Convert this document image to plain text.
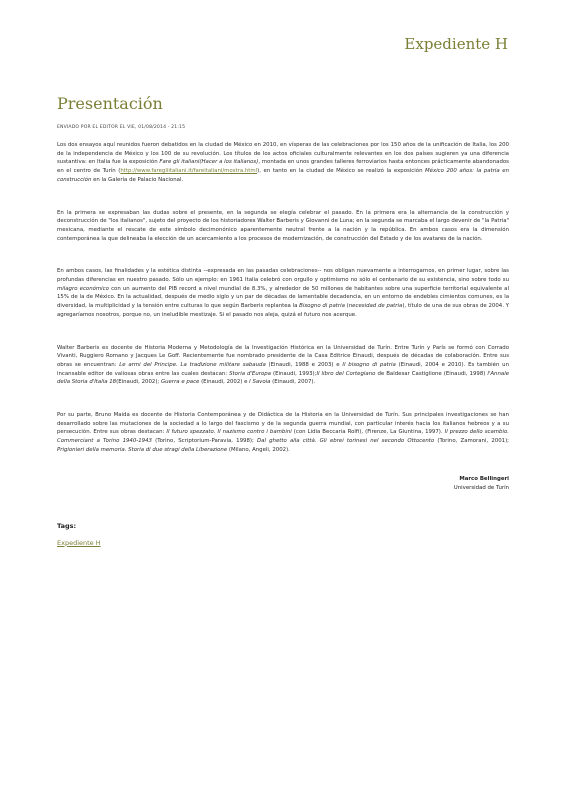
Expediente H
Presentación
ENVIADO POR EL EDITOR EL VIE, 01/08/2014 - 21:15

Los dos ensayos aquí reunidos fueron debatidos en la ciudad de México en 2010, en vísperas de las celebraciones por los 150 años de la unificación de Italia, los 200 de la independencia de México y los 100 de su revolución. Los títulos de los actos oficiales culturalmente relevantes en los dos países sugieren ya una diferencia sustantiva: en Italia fue la exposición Fare gli italiani(Hacer a los italianos), montada en unos grandes talleres ferroviarios hasta entonces prácticamente abandonados en el centro de Turín (http://www.faregliitaliani.it/fareitaliani/mostra.html), en tanto en la ciudad de México se realizó la exposición México 200 años: la patria en construcción en la Galería de Palacio Nacional.

En la primera se expresaban las dudas sobre el presente, en la segunda se elegía celebrar el pasado. En la primera era la alternancia de la construcción y deconstrucción de "los italianos", sujeto del proyecto de los historiadores Walter Barberis y Giovanni de Luna; en la segunda se marcaba el largo devenir de "la Patria" mexicana, mediante el rescate de este símbolo decimonónico aparentemente neutral frente a la nación y la república. En ambos casos era la dimensión contemporánea la que delineaba la elección de un acercamiento a los procesos de modernización, de construcción del Estado y de los avatares de la nación.

En ambos casos, las finalidades y la estética distinta --expresada en las pasadas celebraciones-- nos obligan nuevamente a interrogarnos, en primer lugar, sobre las profundas diferencias en nuestro pasado. Sólo un ejemplo: en 1961 Italia celebró con orgullo y optimismo no sólo el centenario de su existencia, sino sobre todo su milagro económico con un aumento del PIB record a nivel mundial de 8.3%, y alrededor de 50 millones de habitantes sobre una superficie territorial equivalente al 15% de la de México. En la actualidad, después de medio siglo y un par de décadas de lamentable decadencia, en un entorno de endebles cimientos comunes, es la diversidad, la multiplicidad y la tensión entre culturas lo que según Barberis replantea la Bisogno di patria (necesidad de patria), título de una de sus obras de 2004. Y agregaríamos nosotros, porque no, un ineludible mestizaje. Si el pasado nos aleja, quizá el futuro nos acerque.

Walter Barberis es docente de Historia Moderna y Metodología de la Investigación Histórica en la Universidad de Turín. Entre Turín y París se formó con Corrado Vivanti, Ruggiero Romano y Jacques Le Goff. Recientemente fue nombrado presidente de la Casa Editrice Einaudi, después de décadas de colaboración. Entre sus obras se encuentran: Le armi del Principe. La tradizione militare sabauda (Einaudi, 1988 e 2003) e Il bisogno di patria (Einaudi, 2004 e 2010). Es también un incansable editor de valiosas obras entre las cuales destacan: Storia d'Europa (Einaudi, 1993);Il libro del Cortegiano de Baldesar Castiglione (Einaudi, 1998) l'Annale della Storia d'Italia 18(Einaudi, 2002); Guerra e pace (Einaudi, 2002) e I Savoia (Einaudi, 2007).

Por su parte, Bruno Maida es docente de Historia Contemporánea y de Didáctica de la Historia en la Universidad de Turín. Sus principales investigaciones se han desarrollado sobre las mutaciones de la sociedad a lo largo del fascismo y de la segunda guerra mundial, con particular interés hacia los italianos hebreos y a su persecución. Entre sus obras destacan: Il futuro spezzato. Il nazismo contro i bambini (con Lidia Beccaria Rolfi), (Firenze, La Giuntina, 1997). Il prezzo dello scambio. Commerciant a Torino 1940-1943 (Torino, Scriptorium-Paravia, 1998); Dal ghetto alla città. Gli ebrei torinesi nel secondo Ottocento (Torino, Zamorani, 2001); Prigionieri della memoria. Storia di due stragi della Liberazione (Milano, Angeli, 2002).

Marco Bellingeri
Universidad de Turín
Tags:
Expediente H
